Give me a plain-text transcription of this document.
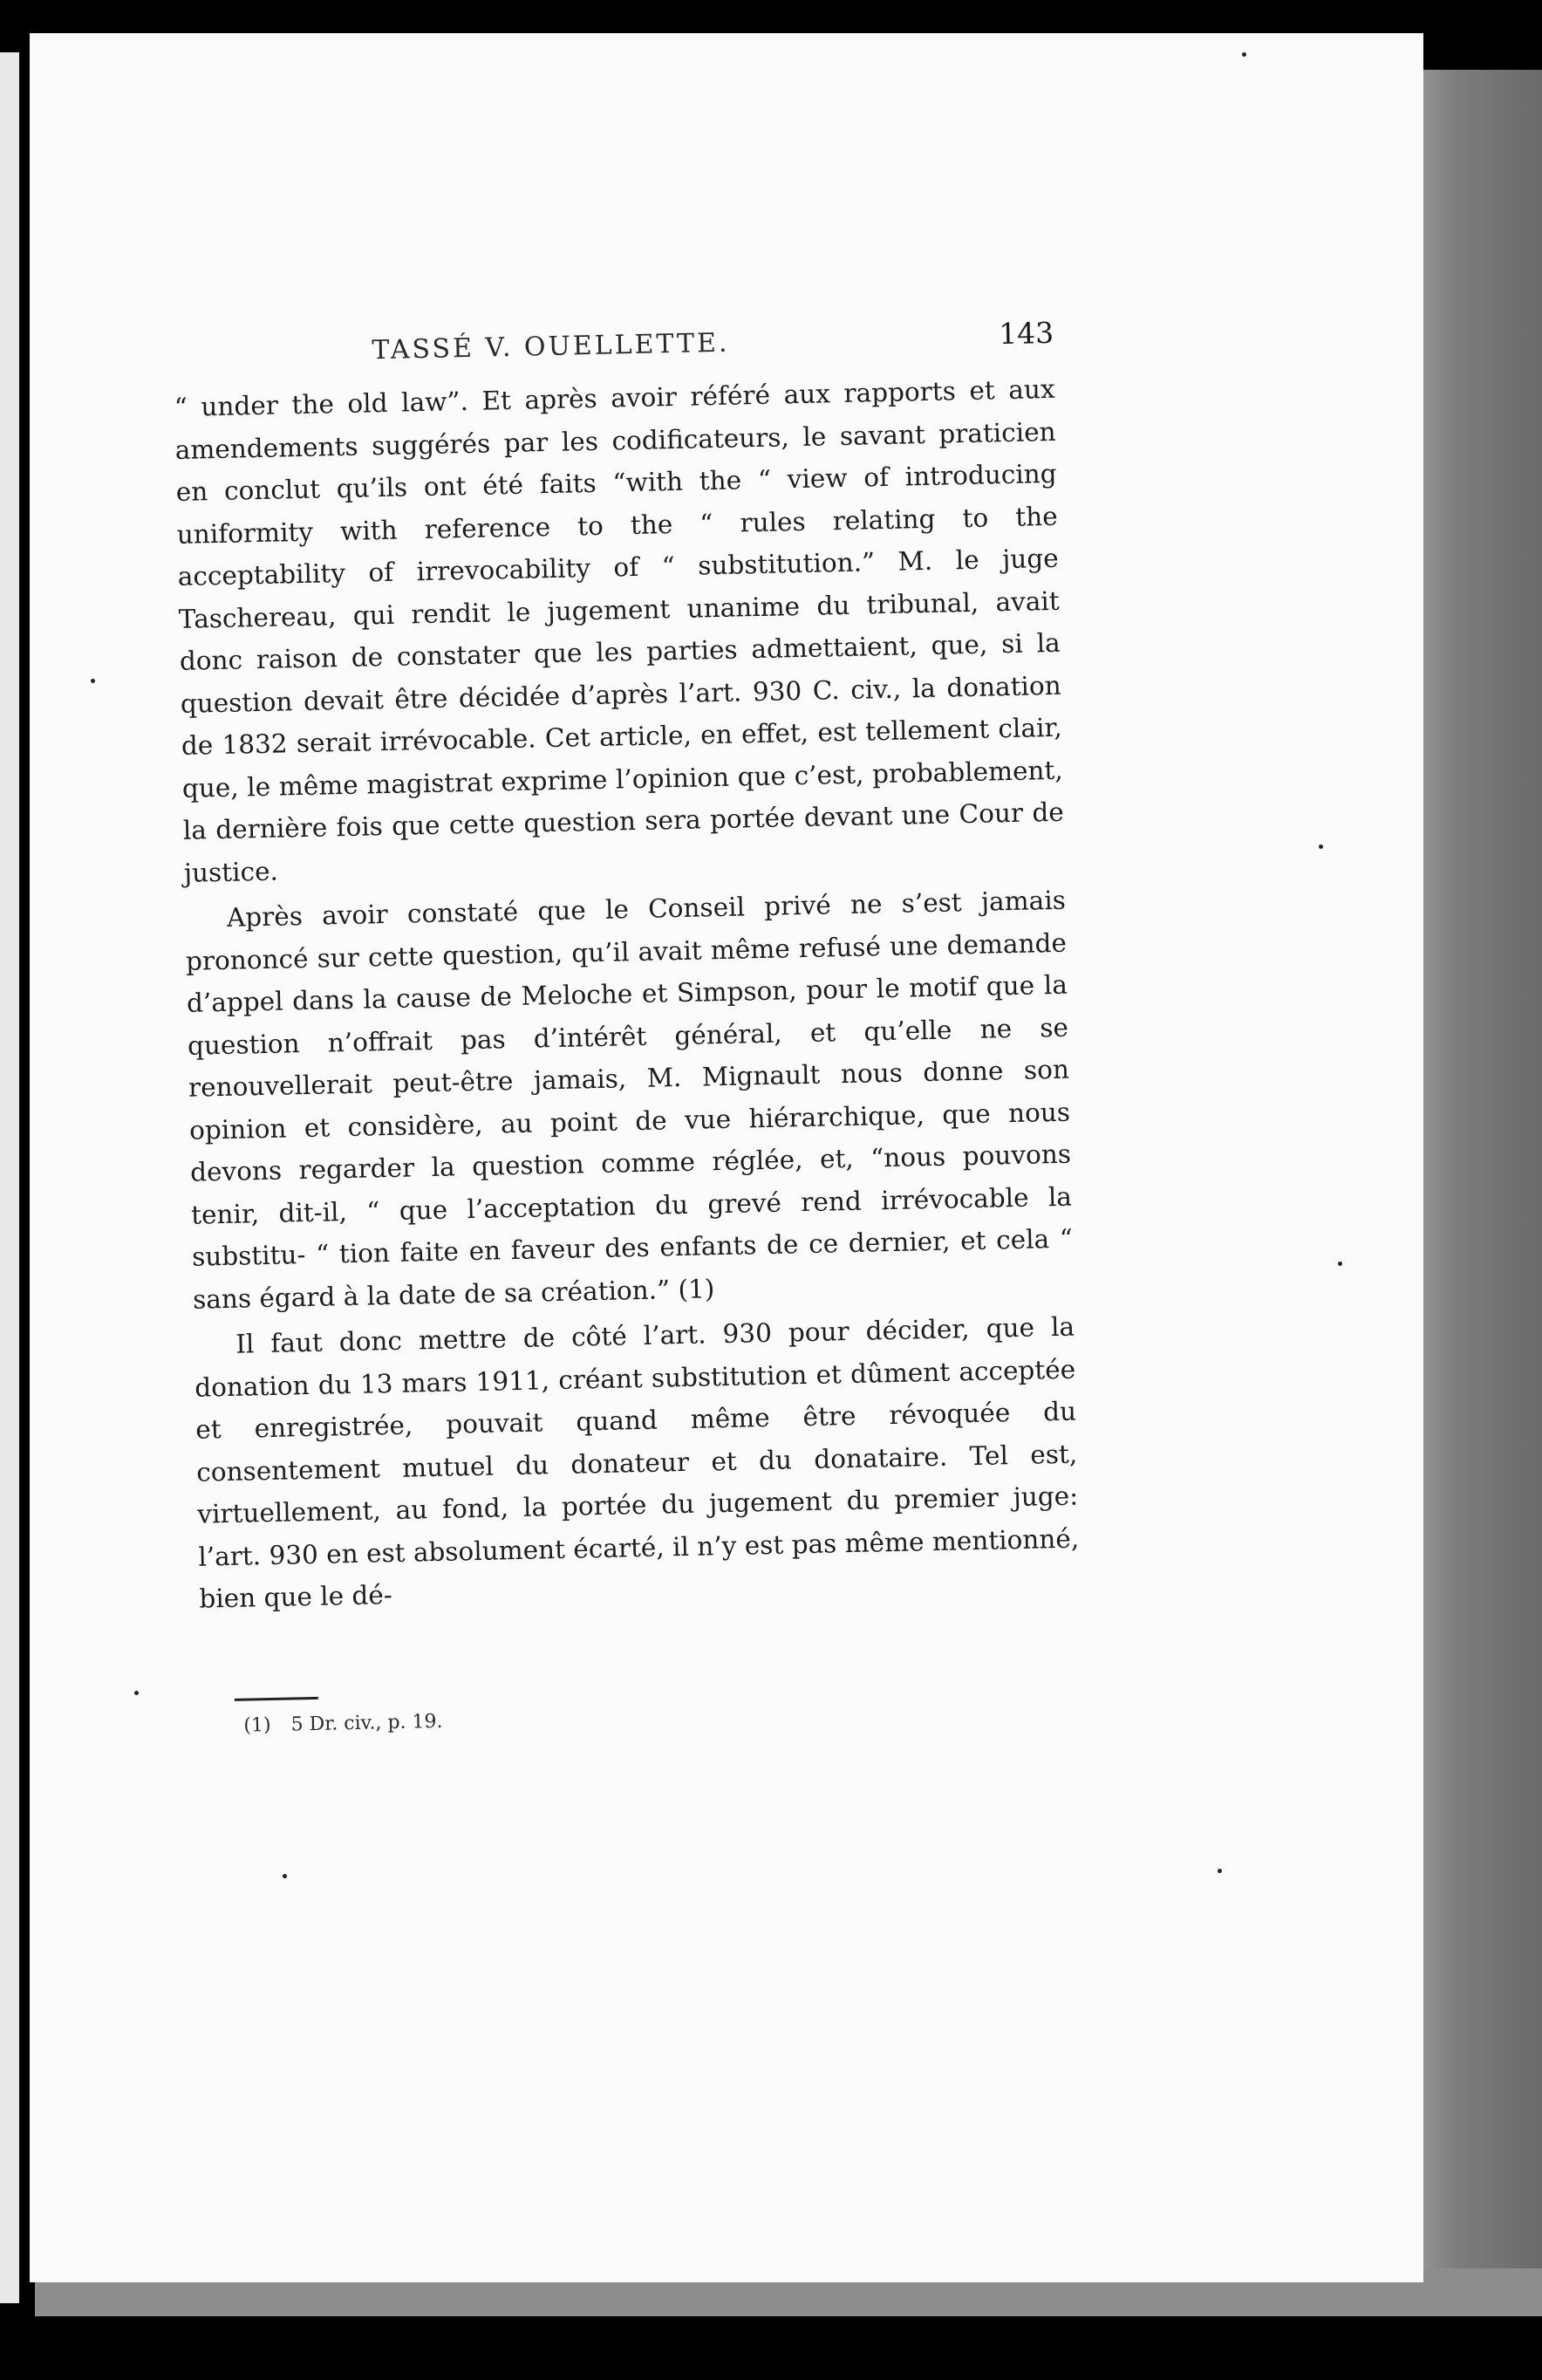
TASSÉ V. OUELLETTE.	143

“ under the old law”. Et après avoir référé aux rapports et aux amendements suggérés par les codificateurs, le savant praticien en conclut qu’ils ont été faits “with the “ view of introducing uniformity with reference to the “ rules relating to the acceptability of irrevocability of “ substitution.” M. le juge Taschereau, qui rendit le jugement unanime du tribunal, avait donc raison de constater que les parties admettaient, que, si la question devait être décidée d’après l’art. 930 C. civ., la donation de 1832 serait irrévocable. Cet article, en effet, est tellement clair, que, le même magistrat exprime l’opinion que c’est, probablement, la dernière fois que cette question sera portée devant une Cour de justice.

Après avoir constaté que le Conseil privé ne s’est jamais prononcé sur cette question, qu’il avait même refusé une demande d’appel dans la cause de Meloche et Simpson, pour le motif que la question n’offrait pas d’intérêt général, et qu’elle ne se renouvellerait peut-être jamais, M. Mignault nous donne son opinion et considère, au point de vue hiérarchique, que nous devons regarder la question comme réglée, et, “nous pouvons tenir, dit-il, “ que l’acceptation du grevé rend irrévocable la substitu- “ tion faite en faveur des enfants de ce dernier, et cela “ sans égard à la date de sa création.” (1)

Il faut donc mettre de côté l’art. 930 pour décider, que la donation du 13 mars 1911, créant substitution et dûment acceptée et enregistrée, pouvait quand même être révoquée du consentement mutuel du donateur et du donataire. Tel est, virtuellement, au fond, la portée du jugement du premier juge: l’art. 930 en est absolument écarté, il n’y est pas même mentionné, bien que le dé-

(1) 5 Dr. civ., p. 19.
